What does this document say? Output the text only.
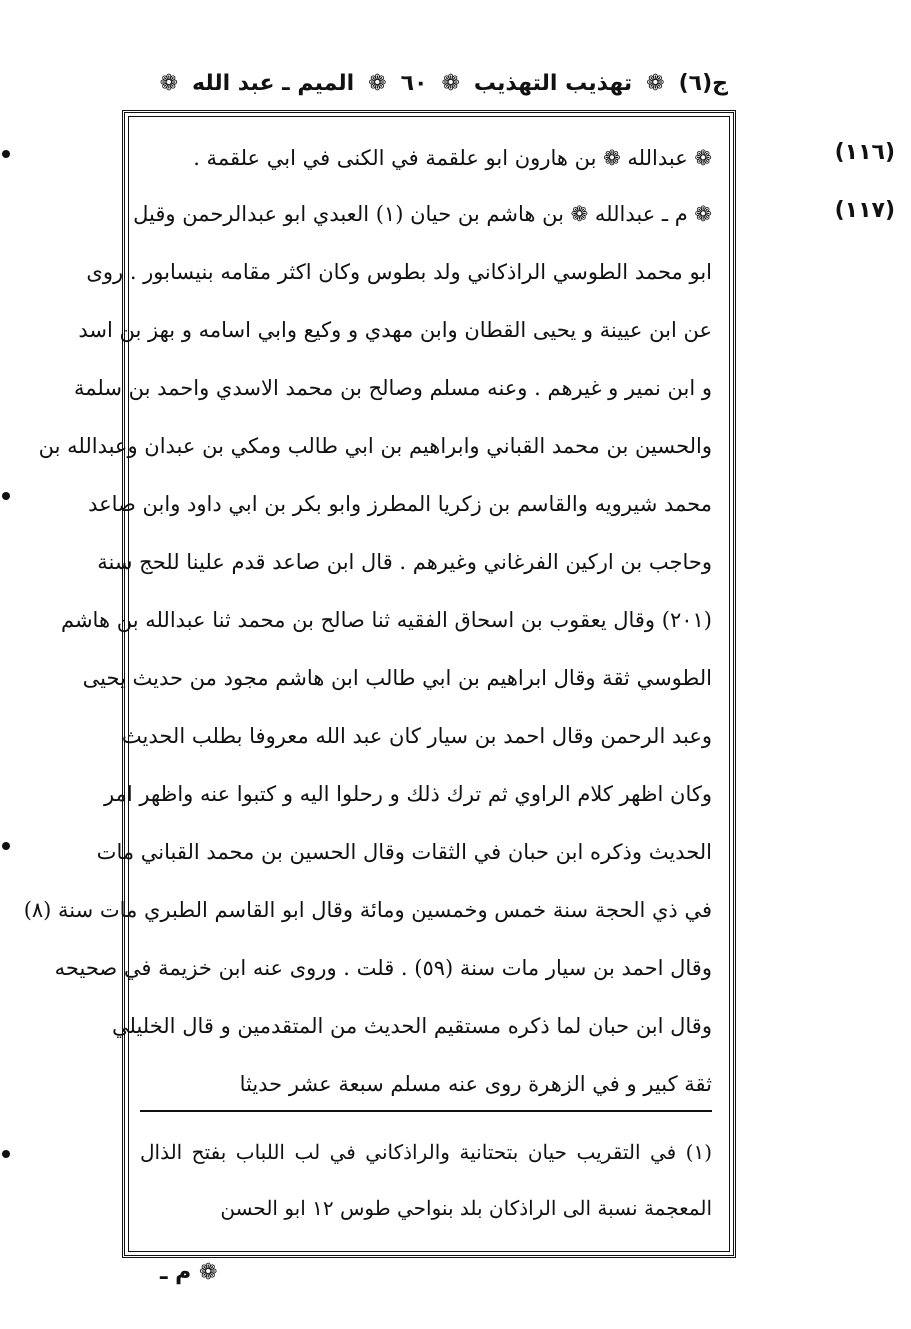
ج(٦)
❁
تهذيب التهذيب
❁
٦٠
❁
الميم ـ عبد الله
❁
(١١٦)
(١١٧)
❁ عبدالله ❁ بن هارون ابو علقمة في الكنى في ابي علقمة .
❁ م ـ عبدالله ❁ بن هاشم بن حيان (١) العبدي ابو عبدالرحمن وقيل
ابو محمد الطوسي الراذكاني ولد بطوس وكان اكثر مقامه بنيسابور . روى
عن ابن عيينة و يحيى القطان وابن مهدي و وكيع وابي اسامه و بهز بن اسد
و ابن نمير و غيرهم . وعنه مسلم وصالح بن محمد الاسدي واحمد بن سلمة
والحسين بن محمد القباني وابراهيم بن ابي طالب ومكي بن عبدان وعبدالله بن
محمد شيرويه والقاسم بن زكريا المطرز وابو بكر بن ابي داود وابن صاعد
وحاجب بن اركين الفرغاني وغيرهم . قال ابن صاعد قدم علينا للحج سنة
(٢٠١) وقال يعقوب بن اسحاق الفقيه ثنا صالح بن محمد ثنا عبدالله بن هاشم
الطوسي ثقة وقال ابراهيم بن ابي طالب ابن هاشم مجود من حديث يحيى
وعبد الرحمن وقال احمد بن سيار كان عبد الله معروفا بطلب الحديث
وكان اظهر كلام الراوي ثم ترك ذلك و رحلوا اليه و كتبوا عنه واظهر امر
الحديث وذكره ابن حبان في الثقات وقال الحسين بن محمد القباني مات
في ذي الحجة سنة خمس وخمسين ومائة وقال ابو القاسم الطبري مات سنة (٨)
وقال احمد بن سيار مات سنة (٥٩) . قلت . وروى عنه ابن خزيمة في صحيحه
وقال ابن حبان لما ذكره مستقيم الحديث من المتقدمين و قال الخليلي
ثقة كبير و في الزهرة روى عنه مسلم سبعة عشر حديثا
(١) في التقريب حيان بتحتانية والراذكاني في لب اللباب بفتح الذال
المعجمة نسبة الى الراذكان بلد بنواحي طوس ١٢ ابو الحسن
❁ م ـ
